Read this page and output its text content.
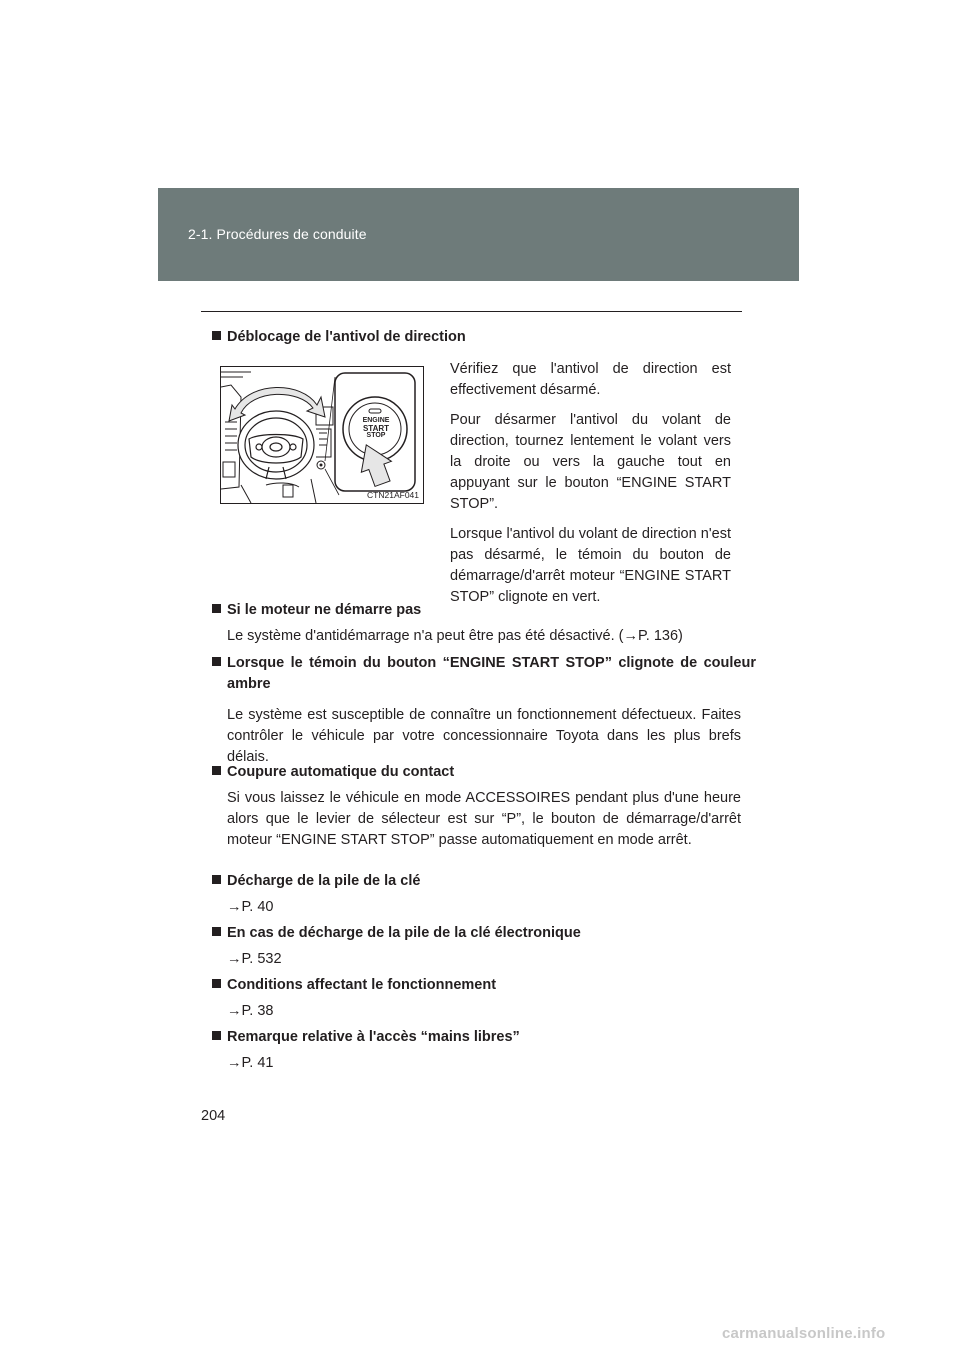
2-1. Procédures de conduite
Déblocage de l'antivol de direction
ENGINE
START
STOP
CTN21AF041

Vérifiez que l'antivol de direction est effectivement désarmé.

Pour désarmer l'antivol du volant de direction, tournez lentement le volant vers la droite ou vers la gauche tout en appuyant sur le bouton “ENGINE START STOP”.

Lorsque l'antivol du volant de direction n'est pas désarmé, le témoin du bouton de démarrage/d'arrêt moteur “ENGINE START STOP” clignote en vert.

Si le moteur ne démarre pas
Le système d'antidémarrage n'a peut être pas été désactivé. (→P. 136)
Lorsque le témoin du bouton “ENGINE START STOP” clignote de couleur ambre
Le système est susceptible de connaître un fonctionnement défectueux. Faites contrôler le véhicule par votre concessionnaire Toyota dans les plus brefs délais.
Coupure automatique du contact
Si vous laissez le véhicule en mode ACCESSOIRES pendant plus d'une heure alors que le levier de sélecteur est sur “P”, le bouton de démarrage/d'arrêt moteur “ENGINE START STOP” passe automatiquement en mode arrêt.
Décharge de la pile de la clé
→P. 40
En cas de décharge de la pile de la clé électronique
→P. 532
Conditions affectant le fonctionnement
→P. 38
Remarque relative à l'accès “mains libres”
→P. 41
204
carmanualsonline.info
